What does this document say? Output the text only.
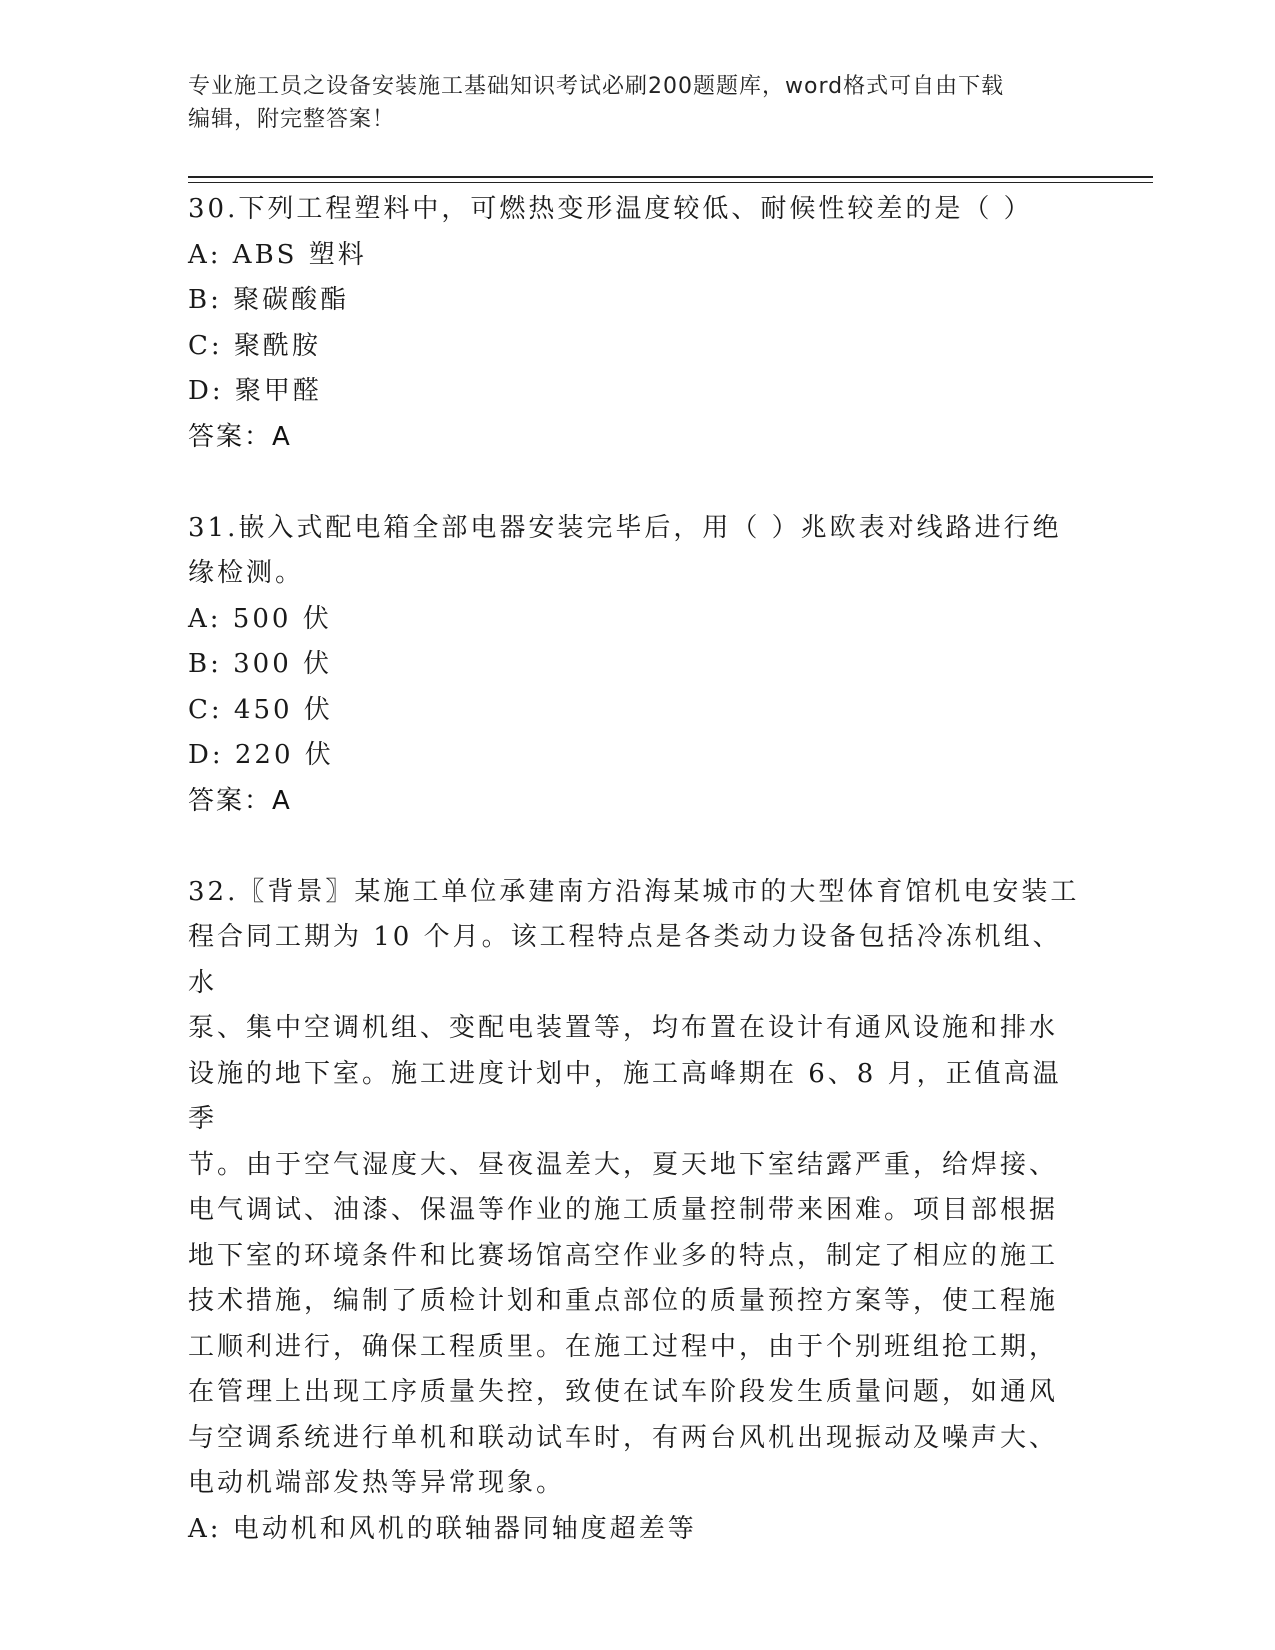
专业施工员之设备安装施工基础知识考试必刷200题题库，word格式可自由下载
编辑，附完整答案！

30.下列工程塑料中，可燃热变形温度较低、耐候性较差的是（ ）

A: ABS 塑料

B: 聚碳酸酯

C: 聚酰胺

D: 聚甲醛

答案：A

31.嵌入式配电箱全部电器安装完毕后，用（ ）兆欧表对线路进行绝

缘检测。

A: 500 伏

B: 300 伏

C: 450 伏

D: 220 伏

答案：A

32.〖背景〗某施工单位承建南方沿海某城市的大型体育馆机电安装工

程合同工期为 10 个月。该工程特点是各类动力设备包括冷冻机组、水

泵、集中空调机组、变配电装置等，均布置在设计有通风设施和排水

设施的地下室。施工进度计划中，施工高峰期在 6、8 月，正值高温季

节。由于空气湿度大、昼夜温差大，夏天地下室结露严重，给焊接、

电气调试、油漆、保温等作业的施工质量控制带来困难。项目部根据

地下室的环境条件和比赛场馆高空作业多的特点，制定了相应的施工

技术措施，编制了质检计划和重点部位的质量预控方案等，使工程施

工顺利进行，确保工程质里。在施工过程中，由于个别班组抢工期，

在管理上出现工序质量失控，致使在试车阶段发生质量问题，如通风

与空调系统进行单机和联动试车时，有两台风机出现振动及噪声大、

电动机端部发热等异常现象。

A: 电动机和风机的联轴器同轴度超差等
